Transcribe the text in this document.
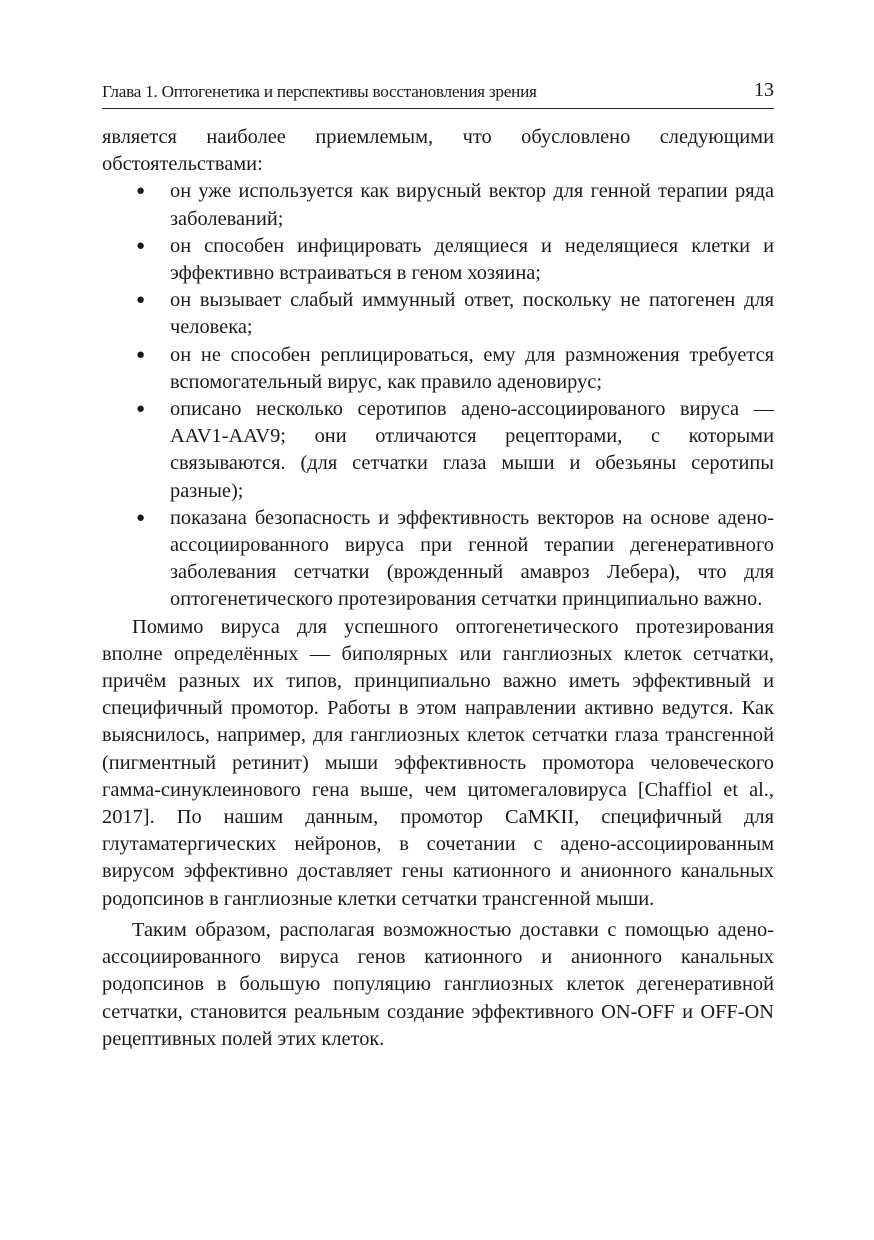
Глава 1. Оптогенетика и перспективы восстановления зрения	13

является наиболее приемлемым, что обусловлено следующими обстоятельствами:

● он уже используется как вирусный вектор для генной терапии ряда заболеваний;
● он способен инфицировать делящиеся и неделящиеся клетки и эффективно встраиваться в геном хозяина;
● он вызывает слабый иммунный ответ, поскольку не патогенен для человека;
● он не способен реплицироваться, ему для размножения требуется вспомогательный вирус, как правило аденовирус;
● описано несколько серотипов адено-ассоциированого вируса — AAV1-AAV9; они отличаются рецепторами, с которыми связываются. (для сетчатки глаза мыши и обезьяны серотипы разные);
● показана безопасность и эффективность векторов на основе адено-ассоциированного вируса при генной терапии дегенеративного заболевания сетчатки (врожденный амавроз Лебера), что для оптогенетического протезирования сетчатки принципиально важно.

Помимо вируса для успешного оптогенетического протезирования вполне определённых — биполярных или ганглиозных клеток сетчатки, причём разных их типов, принципиально важно иметь эффективный и специфичный промотор. Работы в этом направлении активно ведутся. Как выяснилось, например, для ганглиозных клеток сетчатки глаза трансгенной (пигментный ретинит) мыши эффективность промотора человеческого гамма-синуклеинового гена выше, чем цитомегаловируса [Chaffiol et al., 2017]. По нашим данным, промотор CaMKII, специфичный для глутаматергических нейронов, в сочетании с адено-ассоциированным вирусом эффективно доставляет гены катионного и анионного канальных родопсинов в ганглиозные клетки сетчатки трансгенной мыши.

Таким образом, располагая возможностью доставки с помощью адено-ассоциированного вируса генов катионного и анионного канальных родопсинов в большую популяцию ганглиозных клеток дегенеративной сетчатки, становится реальным создание эффективного ON-OFF и OFF-ON рецептивных полей этих клеток.
